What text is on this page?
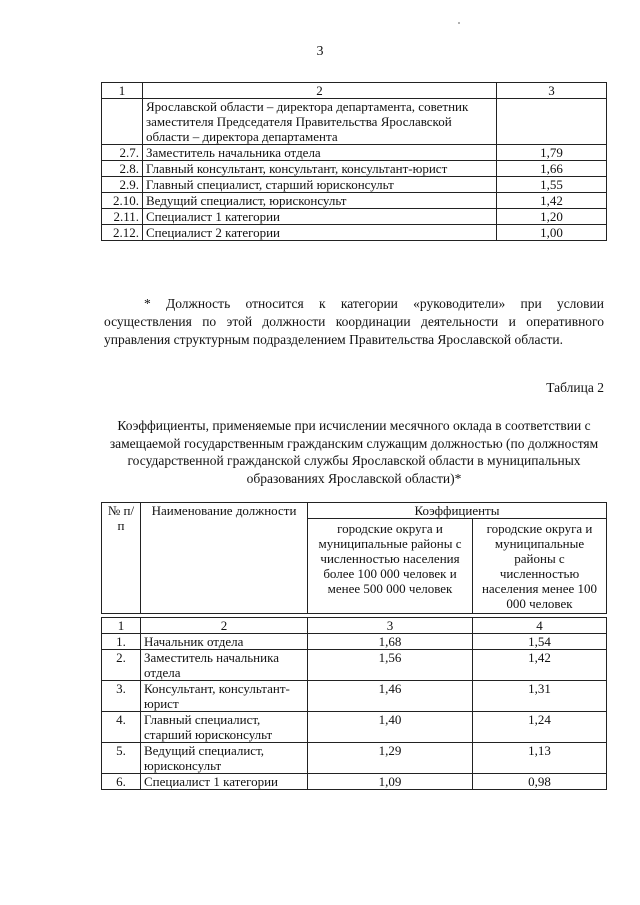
3
1	2	3
	Ярославской области – директора департамента, советник заместителя Председателя Правительства Ярославской области – директора департамента	
2.7.	Заместитель начальника отдела	1,79
2.8.	Главный консультант, консультант, консультант-юрист	1,66
2.9.	Главный специалист, старший юрисконсульт	1,55
2.10.	Ведущий специалист, юрисконсульт	1,42
2.11.	Специалист 1 категории	1,20
2.12.	Специалист 2 категории	1,00
* Должность относится к категории «руководители» при условии осуществления по этой должности координации деятельности и оперативного управления структурным подразделением Правительства Ярославской области.
Таблица 2
Коэффициенты, применяемые при исчислении месячного оклада в соответствии с замещаемой государственным гражданским служащим должностью (по должностям государственной гражданской службы Ярославской области в муниципальных образованиях Ярославской области)*
№ п/п	Наименование должности	Коэффициенты	
		городские округа и муниципальные районы с численностью населения более 100 000 человек и менее 500 000 человек	городские округа и муниципальные районы с численностью населения менее 100 000 человек

1	2	3	4
1.	Начальник отдела	1,68	1,54
2.	Заместитель начальника отдела	1,56	1,42
3.	Консультант, консультант-юрист	1,46	1,31
4.	Главный специалист, старший юрисконсульт	1,40	1,24
5.	Ведущий специалист, юрисконсульт	1,29	1,13
6.	Специалист 1 категории	1,09	0,98
